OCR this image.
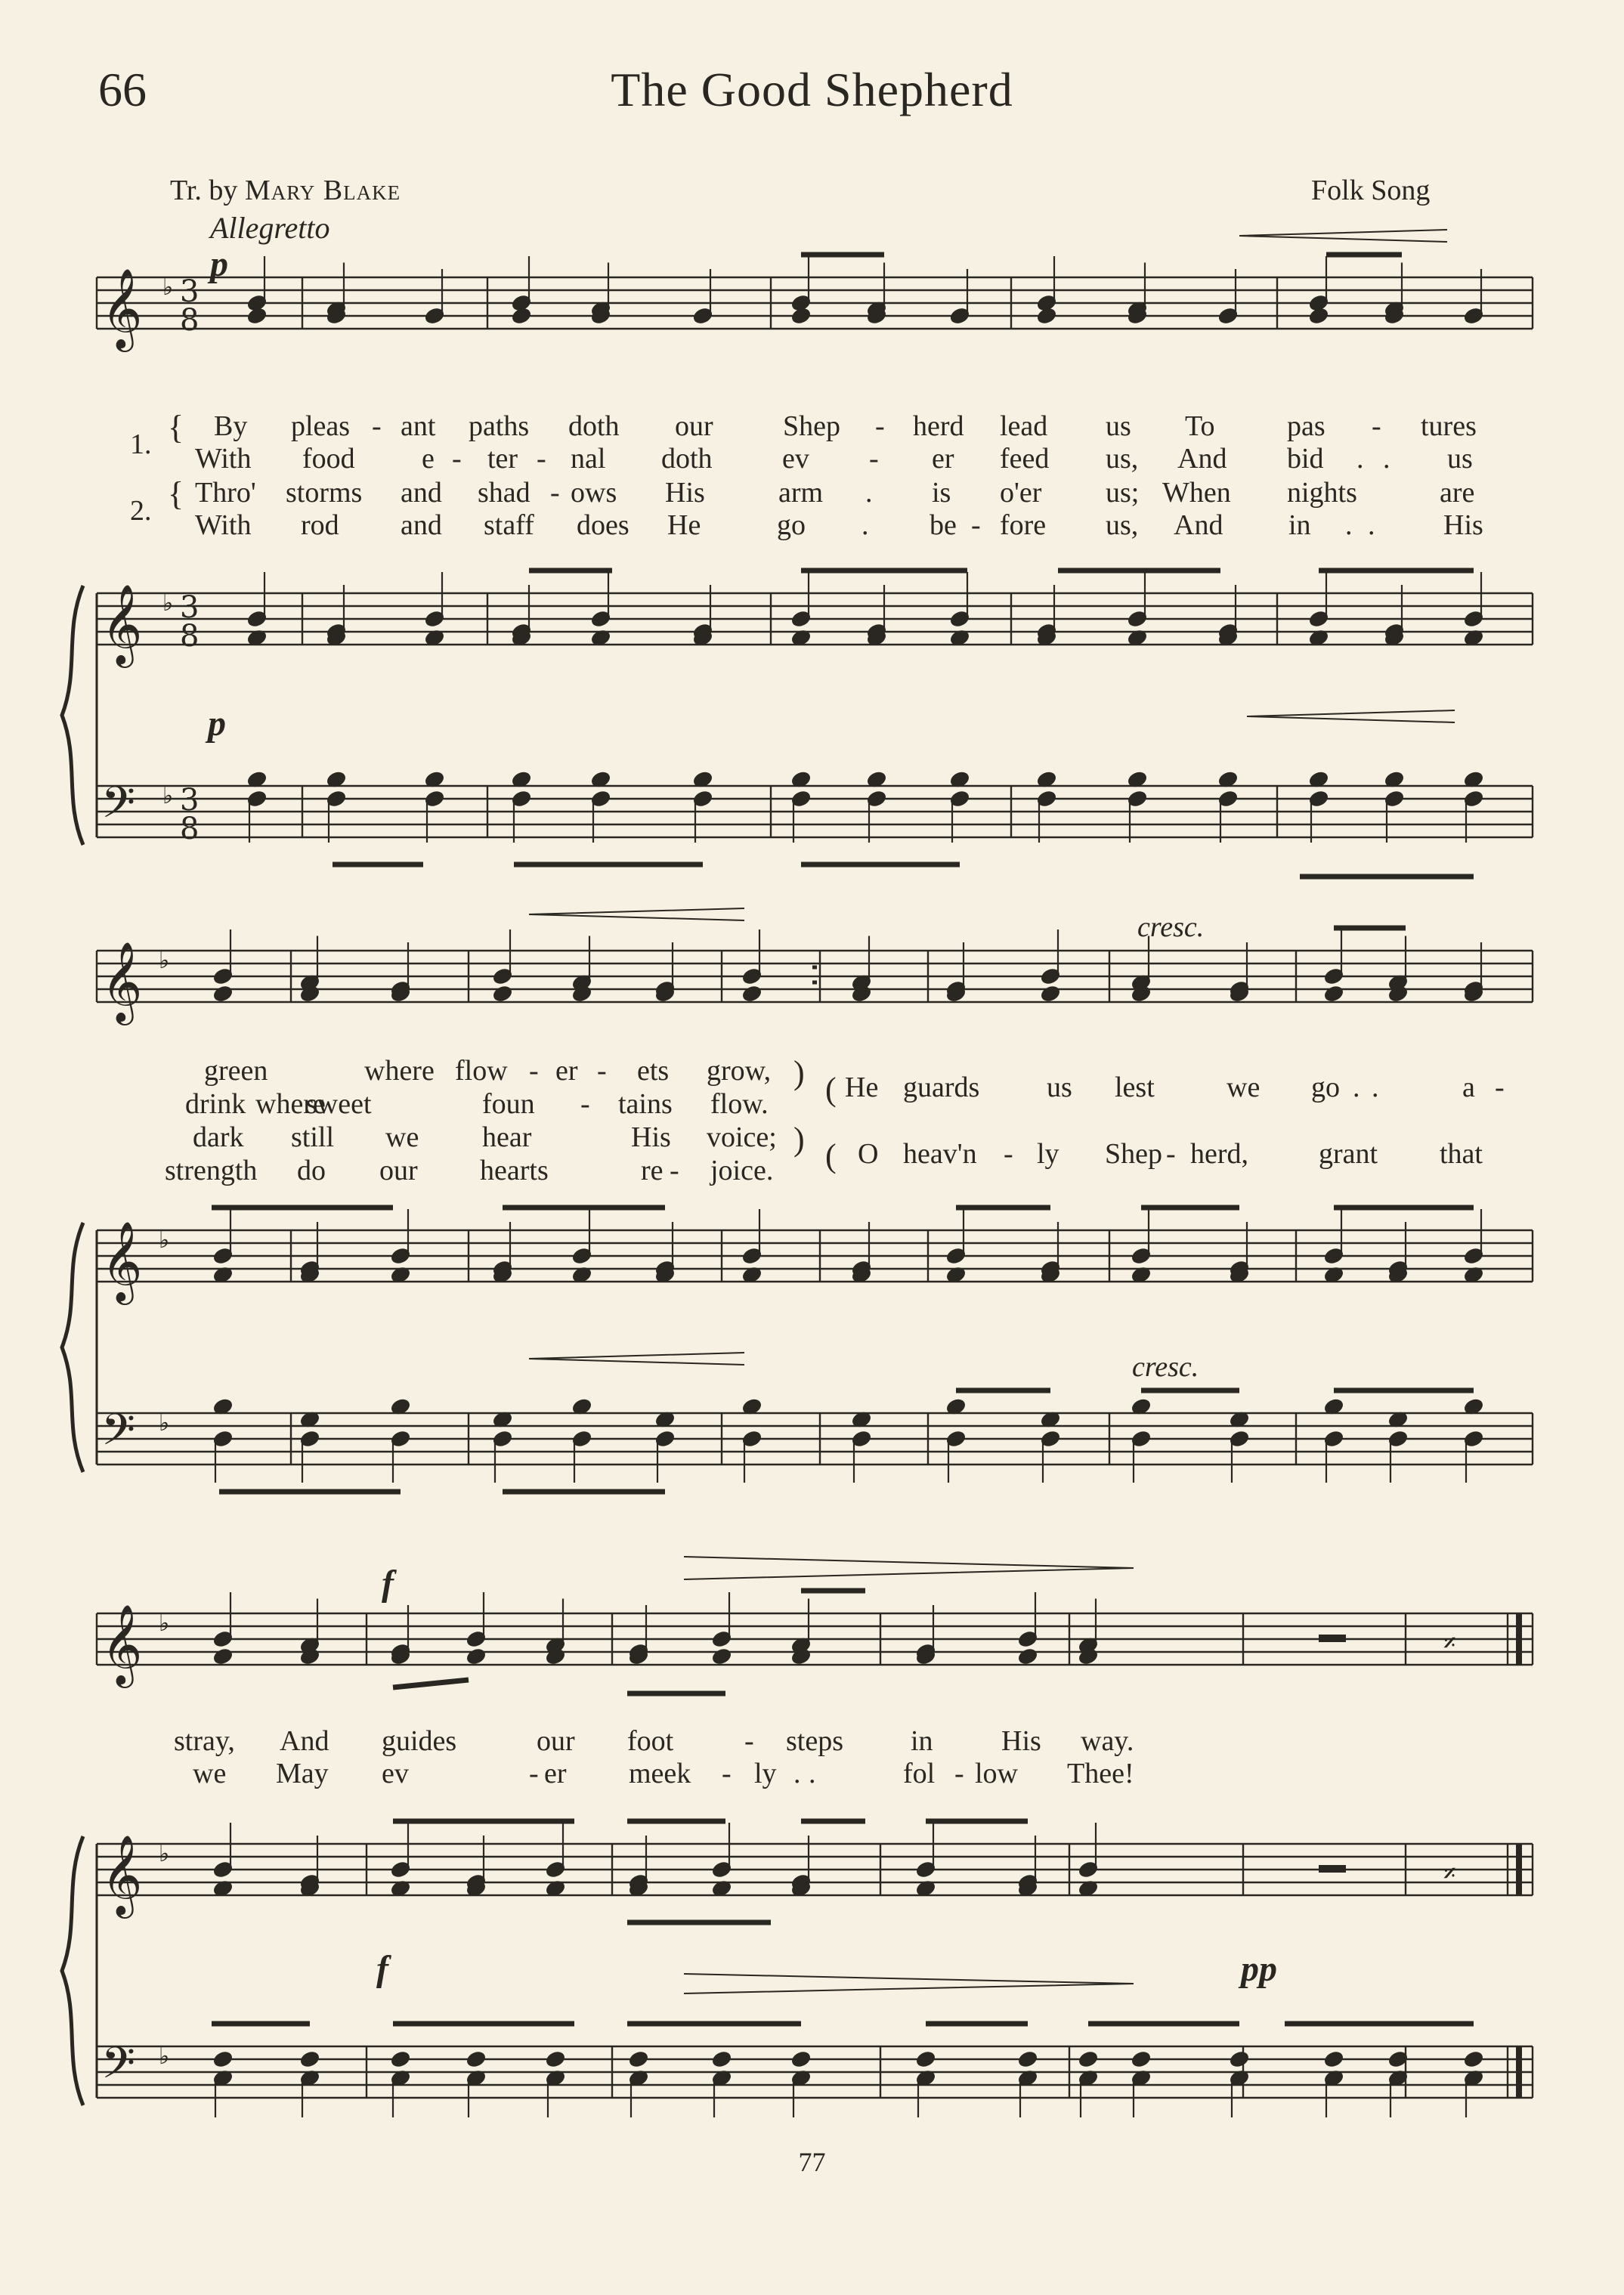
66	The Good Shepherd
Tr. by Mary Blake	Folk Song
Allegretto
𝄞
𝄞
𝄢
♭ 3
8
♭ 3
8
♭ 3
8
𝄞
𝄞
𝄢
♭
♭
♭
𝄞
𝄞
𝄢
♭
♭
♭
𝄎
𝄎
p
p
1.
2.
{
{
By pleas - ant paths doth our Shep - herd lead us To	pas - tures
With food e - ter - nal doth ev - er feed us, And bid . . us
Thro' storms and shad - ows His	arm . is o'er us; When nights	are
With rod and staff does He	go . be - fore us, And in . . His
cresc.
cresc.
green	where flow - er - ets grow,
drink where
sweet	foun - tains flow.
dark still we hear	His voice;
strength do our hearts	re - joice.
He guards us lest	we go . .	a -
O heav'n - ly Shep - herd, grant that
)
)
(
(
f
f	pp
stray, And guides	our foot - steps in His way.
we May ev	- er meek - ly . .	fol - low Thee!
77
